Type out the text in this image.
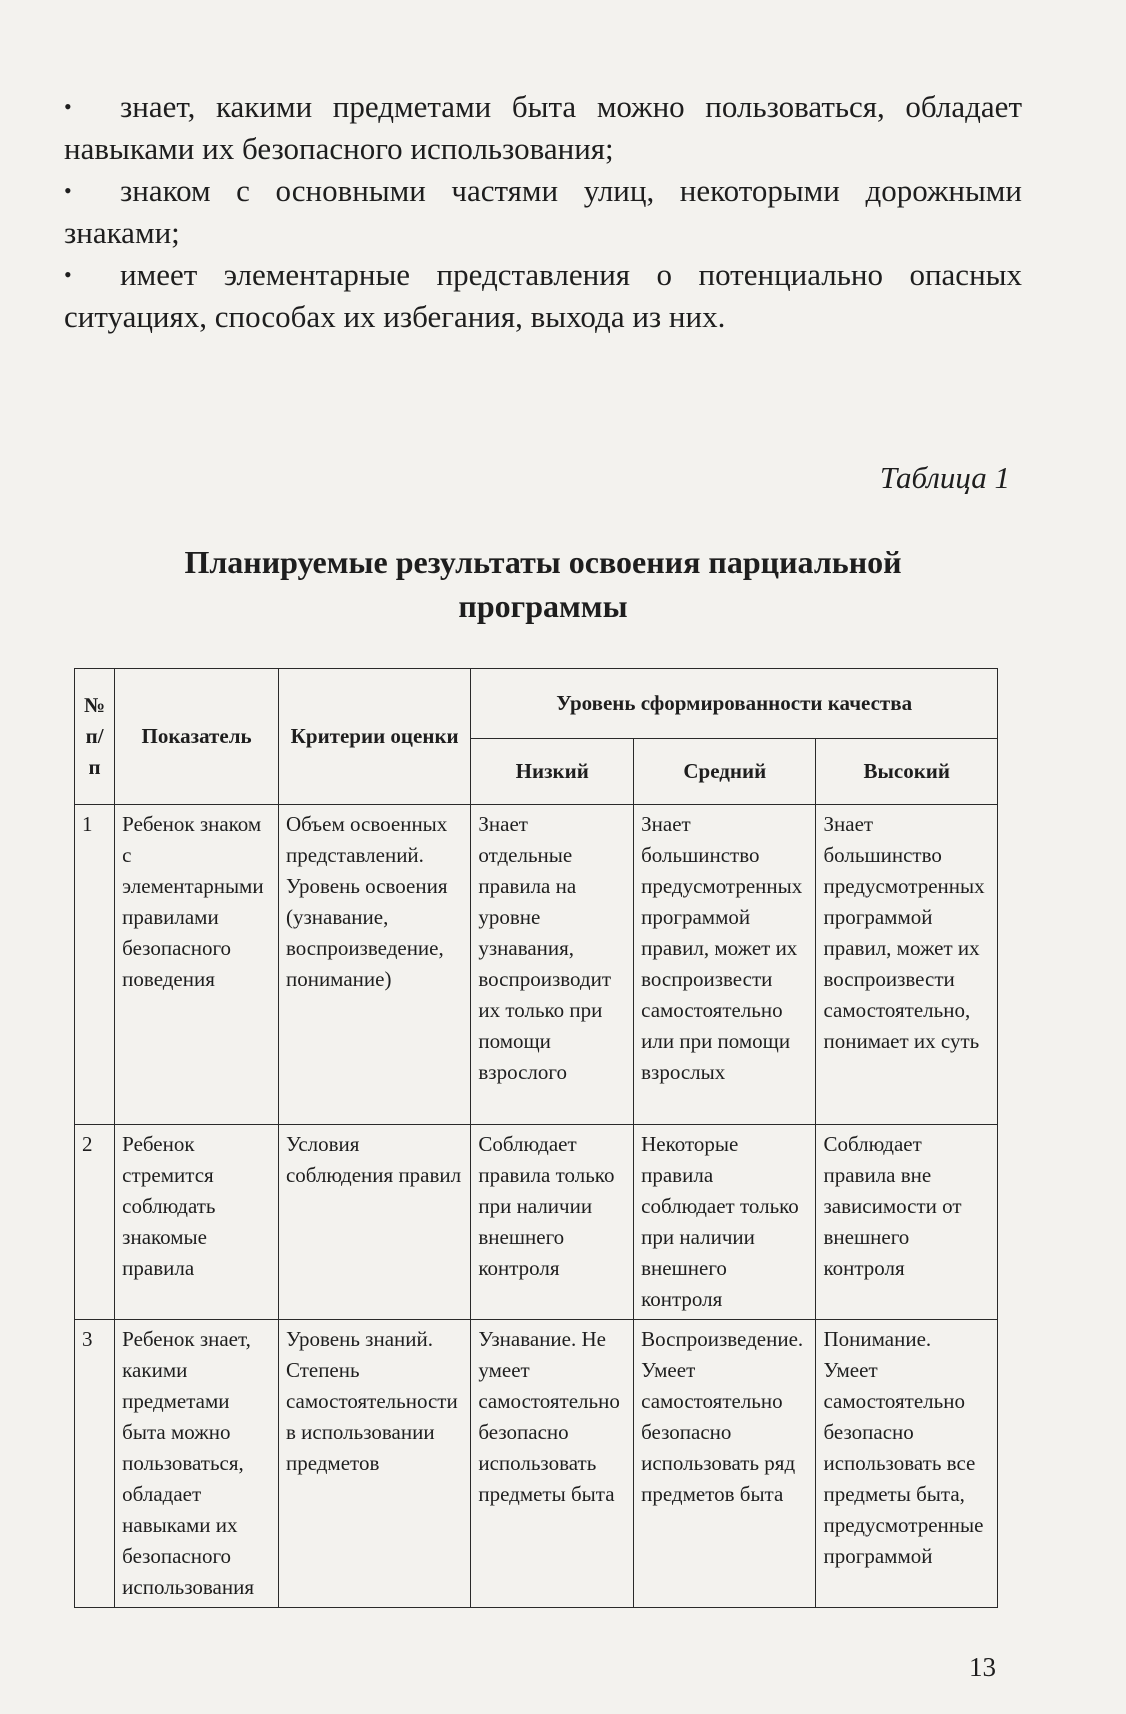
• знает, какими предметами быта можно пользоваться, обладает навыками их безопасного использования;

• знаком с основными частями улиц, некоторыми дорожными знаками;

• имеет элементарные представления о потенциально опасных ситуациях, способах их избегания, выхода из них.

Таблица 1
Планируемые результаты освоения парциальной
программы
№ п/п	Показатель	Критерии оценки	Уровень сформированности качества		
			Низкий	Средний	Высокий
1	Ребенок знаком с элементарными правилами безопасного поведения	Объем освоенных представлений. Уровень освоения (узнавание, воспроизведение, понимание)	Знает отдельные правила на уровне узнавания, воспроизводит их только при помощи взрослого	Знает большинство предусмотренных программой правил, может их воспроизвести самостоятельно или при помощи взрослых	Знает большинство предусмотренных программой правил, может их воспроизвести самостоятельно, понимает их суть
2	Ребенок стремится соблюдать знакомые правила	Условия соблюдения правил	Соблюдает правила только при наличии внешнего контроля	Некоторые правила соблюдает только при наличии внешнего контроля	Соблюдает правила вне зависимости от внешнего контроля
3	Ребенок знает, какими предметами быта можно пользоваться, обладает навыками их безопасного использования	Уровень знаний. Степень самостоятельности в использовании предметов	Узнавание. Не умеет самостоятельно безопасно использовать предметы быта	Воспроизведение. Умеет самостоятельно безопасно использовать ряд предметов быта	Понимание. Умеет самостоятельно безопасно использовать все предметы быта, предусмотренные программой
13
